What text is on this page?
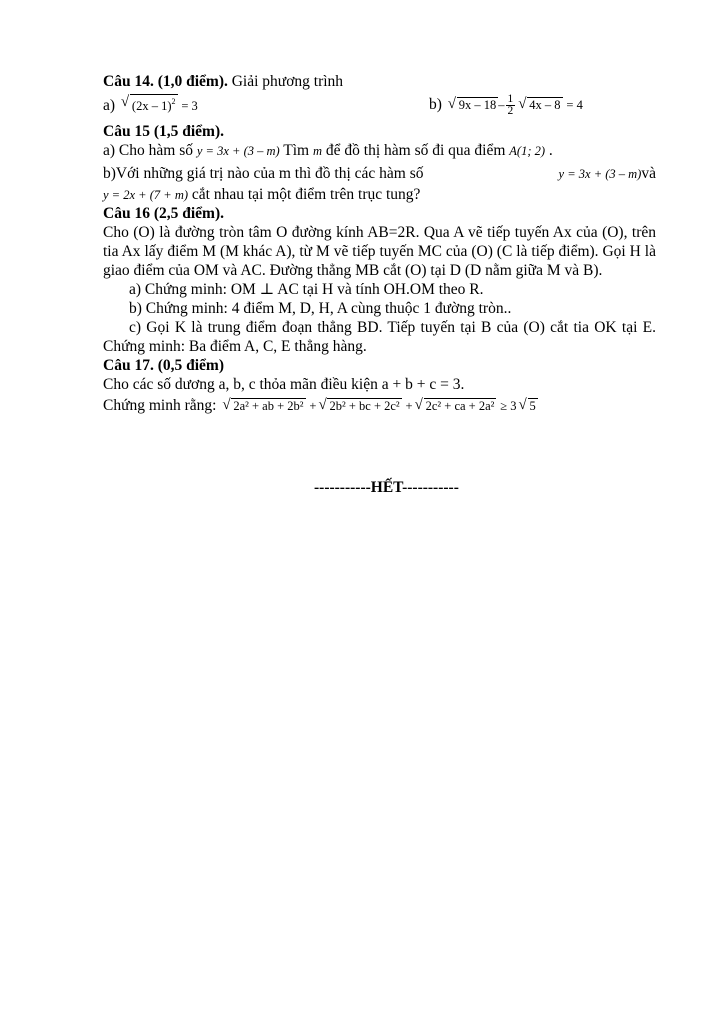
Câu 14. (1,0 điểm). Giải phương trình
a) √ (2x – 1)$^2$ = 3	b) √ $9x - 18 - \frac{1}{2}$ √ 4x – 8 = 4
Câu 15 (1,5 điểm).
a) Cho hàm số y = 3x + (3 – m) Tìm m để đồ thị hàm số đi qua điểm A(1; 2) .
b)Với những giá trị nào của m thì đồ thị các hàm số	y = 3x + (3 – m)và
y = 2x + (7 + m) cắt nhau tại một điểm trên trục tung?
Câu 16 (2,5 điểm).
Cho (O) là đường tròn tâm O đường kính AB=2R. Qua A vẽ tiếp tuyến Ax của (O), trên tia Ax lấy điểm M (M khác A), từ M vẽ tiếp tuyến MC của (O) (C là tiếp điểm). Gọi H là giao điểm của OM và AC. Đường thẳng MB cắt (O) tại D (D nằm giữa M và B).
a) Chứng minh: OM ⊥ AC tại H và tính OH.OM theo R.
b) Chứng minh: 4 điểm M, D, H, A cùng thuộc 1 đường tròn..
c) Gọi K là trung điểm đoạn thẳng BD. Tiếp tuyến tại B của (O) cắt tia OK tại E. Chứng minh: Ba điểm A, C, E thẳng hàng.
Câu 17. (0,5 điểm)
Cho các số dương a, b, c thỏa mãn điều kiện a + b + c = 3.
Chứng minh rằng: √ 2a² + ab + 2b² + √ 2b² + bc + 2c² + √ 2c² + ca + 2a² ≥ 3 √ 5
-----------HẾT-----------
